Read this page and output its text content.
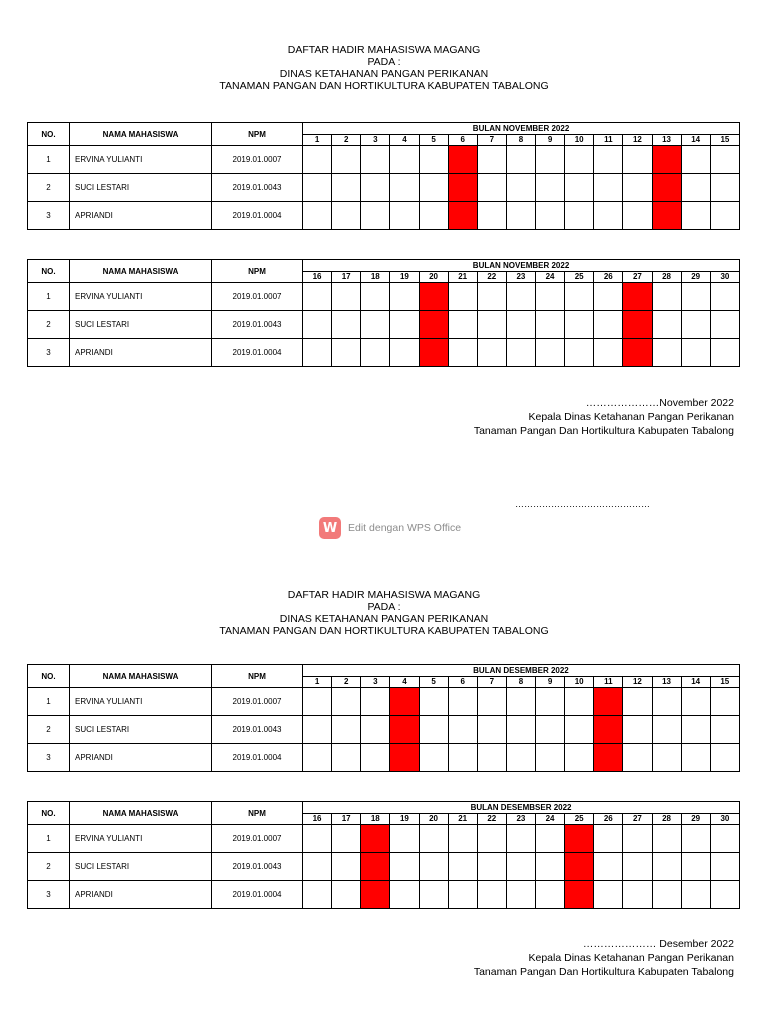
DAFTAR HADIR MAHASISWA MAGANG
PADA :
DINAS KETAHANAN PANGAN PERIKANAN
TANAMAN PANGAN DAN HORTIKULTURA KABUPATEN TABALONG
NO.	NAMA MAHASISWA	NPM	BULAN NOVEMBER 2022														
			1	2	3	4	5	6	7	8	9	10	11	12	13	14	15
1	ERVINA YULIANTI	2019.01.0007															
2	SUCI LESTARI	2019.01.0043															
3	APRIANDI	2019.01.0004															
NO.	NAMA MAHASISWA	NPM	BULAN NOVEMBER 2022														
			16	17	18	19	20	21	22	23	24	25	26	27	28	29	30
1	ERVINA YULIANTI	2019.01.0007															
2	SUCI LESTARI	2019.01.0043															
3	APRIANDI	2019.01.0004															
…………………November 2022
Kepala Dinas Ketahanan Pangan Perikanan
Tanaman Pangan Dan Hortikultura Kabupaten Tabalong
………………………………………
W	Edit dengan WPS Office
DAFTAR HADIR MAHASISWA MAGANG
PADA :
DINAS KETAHANAN PANGAN PERIKANAN
TANAMAN PANGAN DAN HORTIKULTURA KABUPATEN TABALONG
NO.	NAMA MAHASISWA	NPM	BULAN DESEMBER 2022														
			1	2	3	4	5	6	7	8	9	10	11	12	13	14	15
1	ERVINA YULIANTI	2019.01.0007															
2	SUCI LESTARI	2019.01.0043															
3	APRIANDI	2019.01.0004															
NO.	NAMA MAHASISWA	NPM	BULAN DESEMBSER 2022														
			16	17	18	19	20	21	22	23	24	25	26	27	28	29	30
1	ERVINA YULIANTI	2019.01.0007															
2	SUCI LESTARI	2019.01.0043															
3	APRIANDI	2019.01.0004															
………………… Desember 2022
Kepala Dinas Ketahanan Pangan Perikanan
Tanaman Pangan Dan Hortikultura Kabupaten Tabalong
